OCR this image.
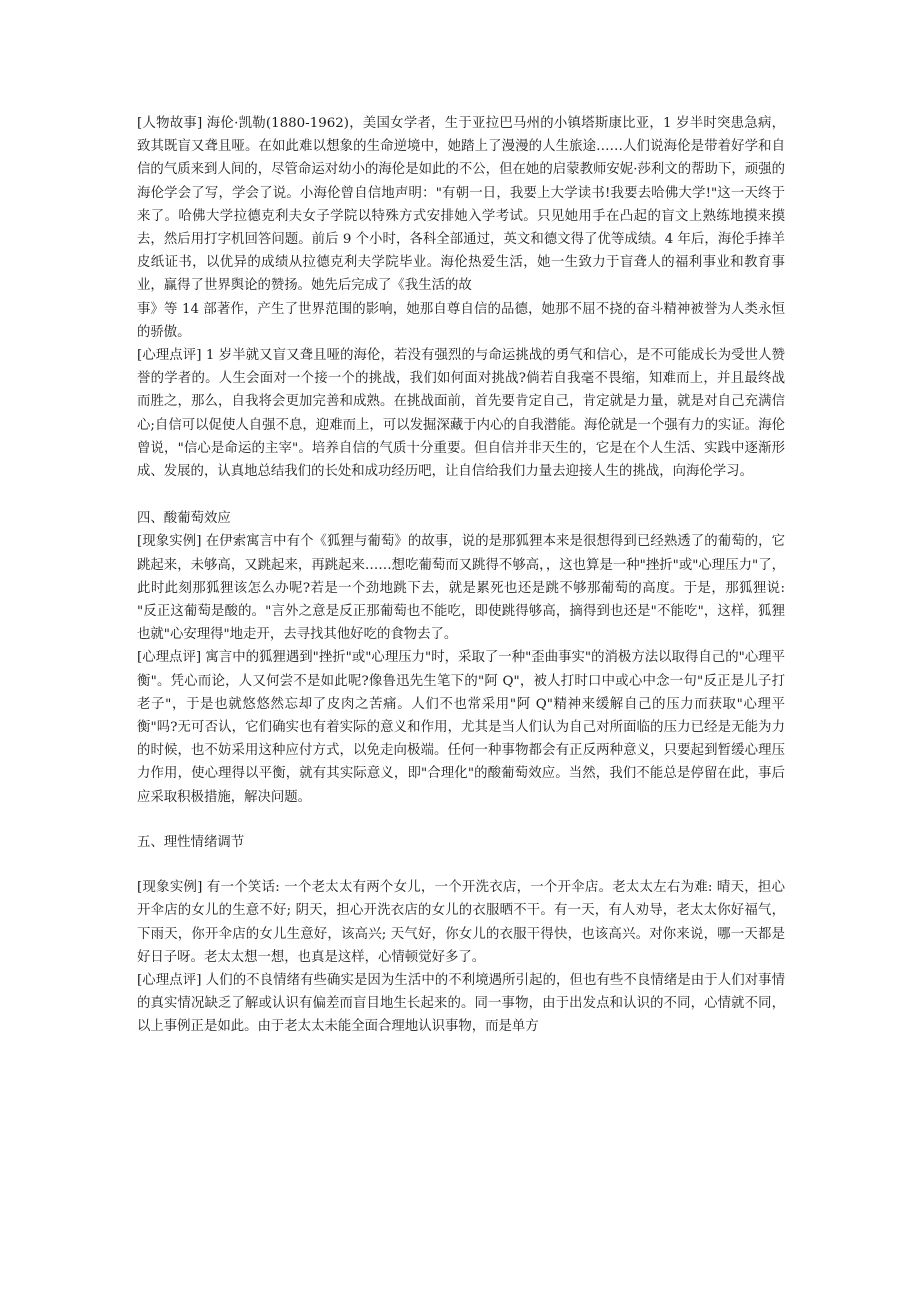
[人物故事] 海伦·凯勒(1880-1962)，美国女学者，生于亚拉巴马州的小镇塔斯康比亚，1 岁半时突患急病，致其既盲又聋且哑。在如此难以想象的生命逆境中，她踏上了漫漫的人生旅途……人们说海伦是带着好学和自信的气质来到人间的，尽管命运对幼小的海伦是如此的不公，但在她的启蒙教师安妮·莎利文的帮助下，顽强的海伦学会了写，学会了说。小海伦曾自信地声明："有朝一日，我要上大学读书!我要去哈佛大学!"这一天终于来了。哈佛大学拉德克利夫女子学院以特殊方式安排她入学考试。只见她用手在凸起的盲文上熟练地摸来摸去，然后用打字机回答问题。前后 9 个小时，各科全部通过，英文和德文得了优等成绩。4 年后，海伦手捧羊皮纸证书，以优异的成绩从拉德克利夫学院毕业。海伦热爱生活，她一生致力于盲聋人的福利事业和教育事业，赢得了世界舆论的赞扬。她先后完成了《我生活的故
事》等 14 部著作，产生了世界范围的影响，她那自尊自信的品德，她那不屈不挠的奋斗精神被誉为人类永恒的骄傲。

[心理点评] 1 岁半就又盲又聋且哑的海伦，若没有强烈的与命运挑战的勇气和信心，是不可能成长为受世人赞誉的学者的。人生会面对一个接一个的挑战，我们如何面对挑战?倘若自我毫不畏缩，知难而上，并且最终战而胜之，那么，自我将会更加完善和成熟。在挑战面前，首先要肯定自己，肯定就是力量，就是对自己充满信心;自信可以促使人自强不息，迎难而上，可以发掘深藏于内心的自我潜能。海伦就是一个强有力的实证。海伦曾说，"信心是命运的主宰"。培养自信的气质十分重要。但自信并非天生的，它是在个人生活、实践中逐渐形成、发展的，认真地总结我们的长处和成功经历吧，让自信给我们力量去迎接人生的挑战，向海伦学习。

四、酸葡萄效应

[现象实例] 在伊索寓言中有个《狐狸与葡萄》的故事，说的是那狐狸本来是很想得到已经熟透了的葡萄的，它跳起来，未够高，又跳起来，再跳起来……想吃葡萄而又跳得不够高，，这也算是一种"挫折"或"心理压力"了，此时此刻那狐狸该怎么办呢?若是一个劲地跳下去，就是累死也还是跳不够那葡萄的高度。于是，那狐狸说: "反正这葡萄是酸的。"言外之意是反正那葡萄也不能吃，即使跳得够高，摘得到也还是"不能吃"，这样，狐狸也就"心安理得"地走开，去寻找其他好吃的食物去了。

[心理点评] 寓言中的狐狸遇到"挫折"或"心理压力"时，采取了一种"歪曲事实"的消极方法以取得自己的"心理平衡"。凭心而论，人又何尝不是如此呢?像鲁迅先生笔下的"阿 Q"，被人打时口中或心中念一句"反正是儿子打老子"，于是也就悠悠然忘却了皮肉之苦痛。人们不也常采用"阿 Q"精神来缓解自己的压力而获取"心理平衡"吗?无可否认，它们确实也有着实际的意义和作用，尤其是当人们认为自己对所面临的压力已经是无能为力的时候，也不妨采用这种应付方式，以免走向极端。任何一种事物都会有正反两种意义，只要起到暂缓心理压力作用，使心理得以平衡，就有其实际意义，即"合理化"的酸葡萄效应。当然，我们不能总是停留在此，事后应采取积极措施，解决问题。

五、理性情绪调节

[现象实例] 有一个笑话: 一个老太太有两个女儿，一个开洗衣店，一个开伞店。老太太左右为难: 晴天，担心开伞店的女儿的生意不好; 阴天，担心开洗衣店的女儿的衣服晒不干。有一天，有人劝导，老太太你好福气，下雨天，你开伞店的女儿生意好，该高兴; 天气好，你女儿的衣服干得快，也该高兴。对你来说，哪一天都是好日子呀。老太太想一想，也真是这样，心情顿觉好多了。

[心理点评] 人们的不良情绪有些确实是因为生活中的不利境遇所引起的，但也有些不良情绪是由于人们对事情的真实情况缺乏了解或认识有偏差而盲目地生长起来的。同一事物，由于出发点和认识的不同，心情就不同，以上事例正是如此。由于老太太未能全面合理地认识事物，而是单方
